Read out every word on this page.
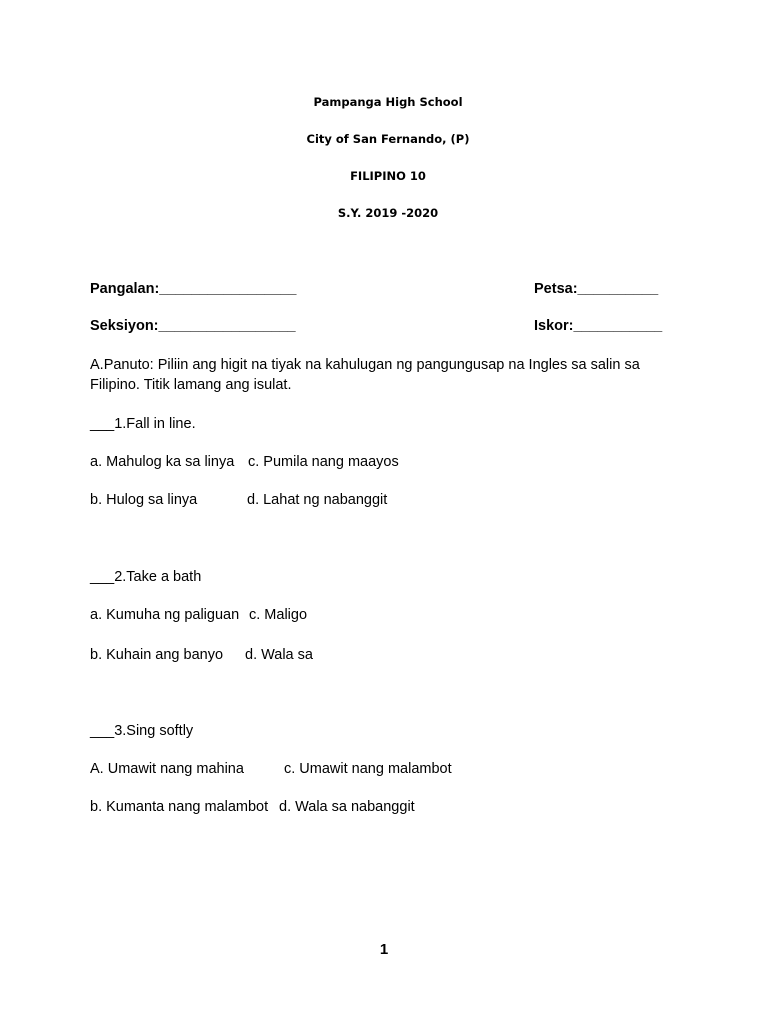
Pampanga High School
City of San Fernando, (P)
FILIPINO 10
S.Y. 2019 -2020
Pangalan:_________________	Petsa:__________
Seksiyon:_________________	Iskor:___________
A.Panuto: Piliin ang higit na tiyak na kahulugan ng pangungusap na Ingles sa salin sa Filipino. Titik lamang ang isulat.
___1.Fall in line.
a. Mahulog ka sa linya c. Pumila nang maayos
b. Hulog sa linya	d. Lahat ng nabanggit
___2.Take a bath
a. Kumuha ng paliguan c. Maligo
b. Kuhain ang banyo d. Wala sa
___3.Sing softly
A. Umawit nang mahina	c. Umawit nang malambot
b. Kumanta nang malambot d. Wala sa nabanggit
1
